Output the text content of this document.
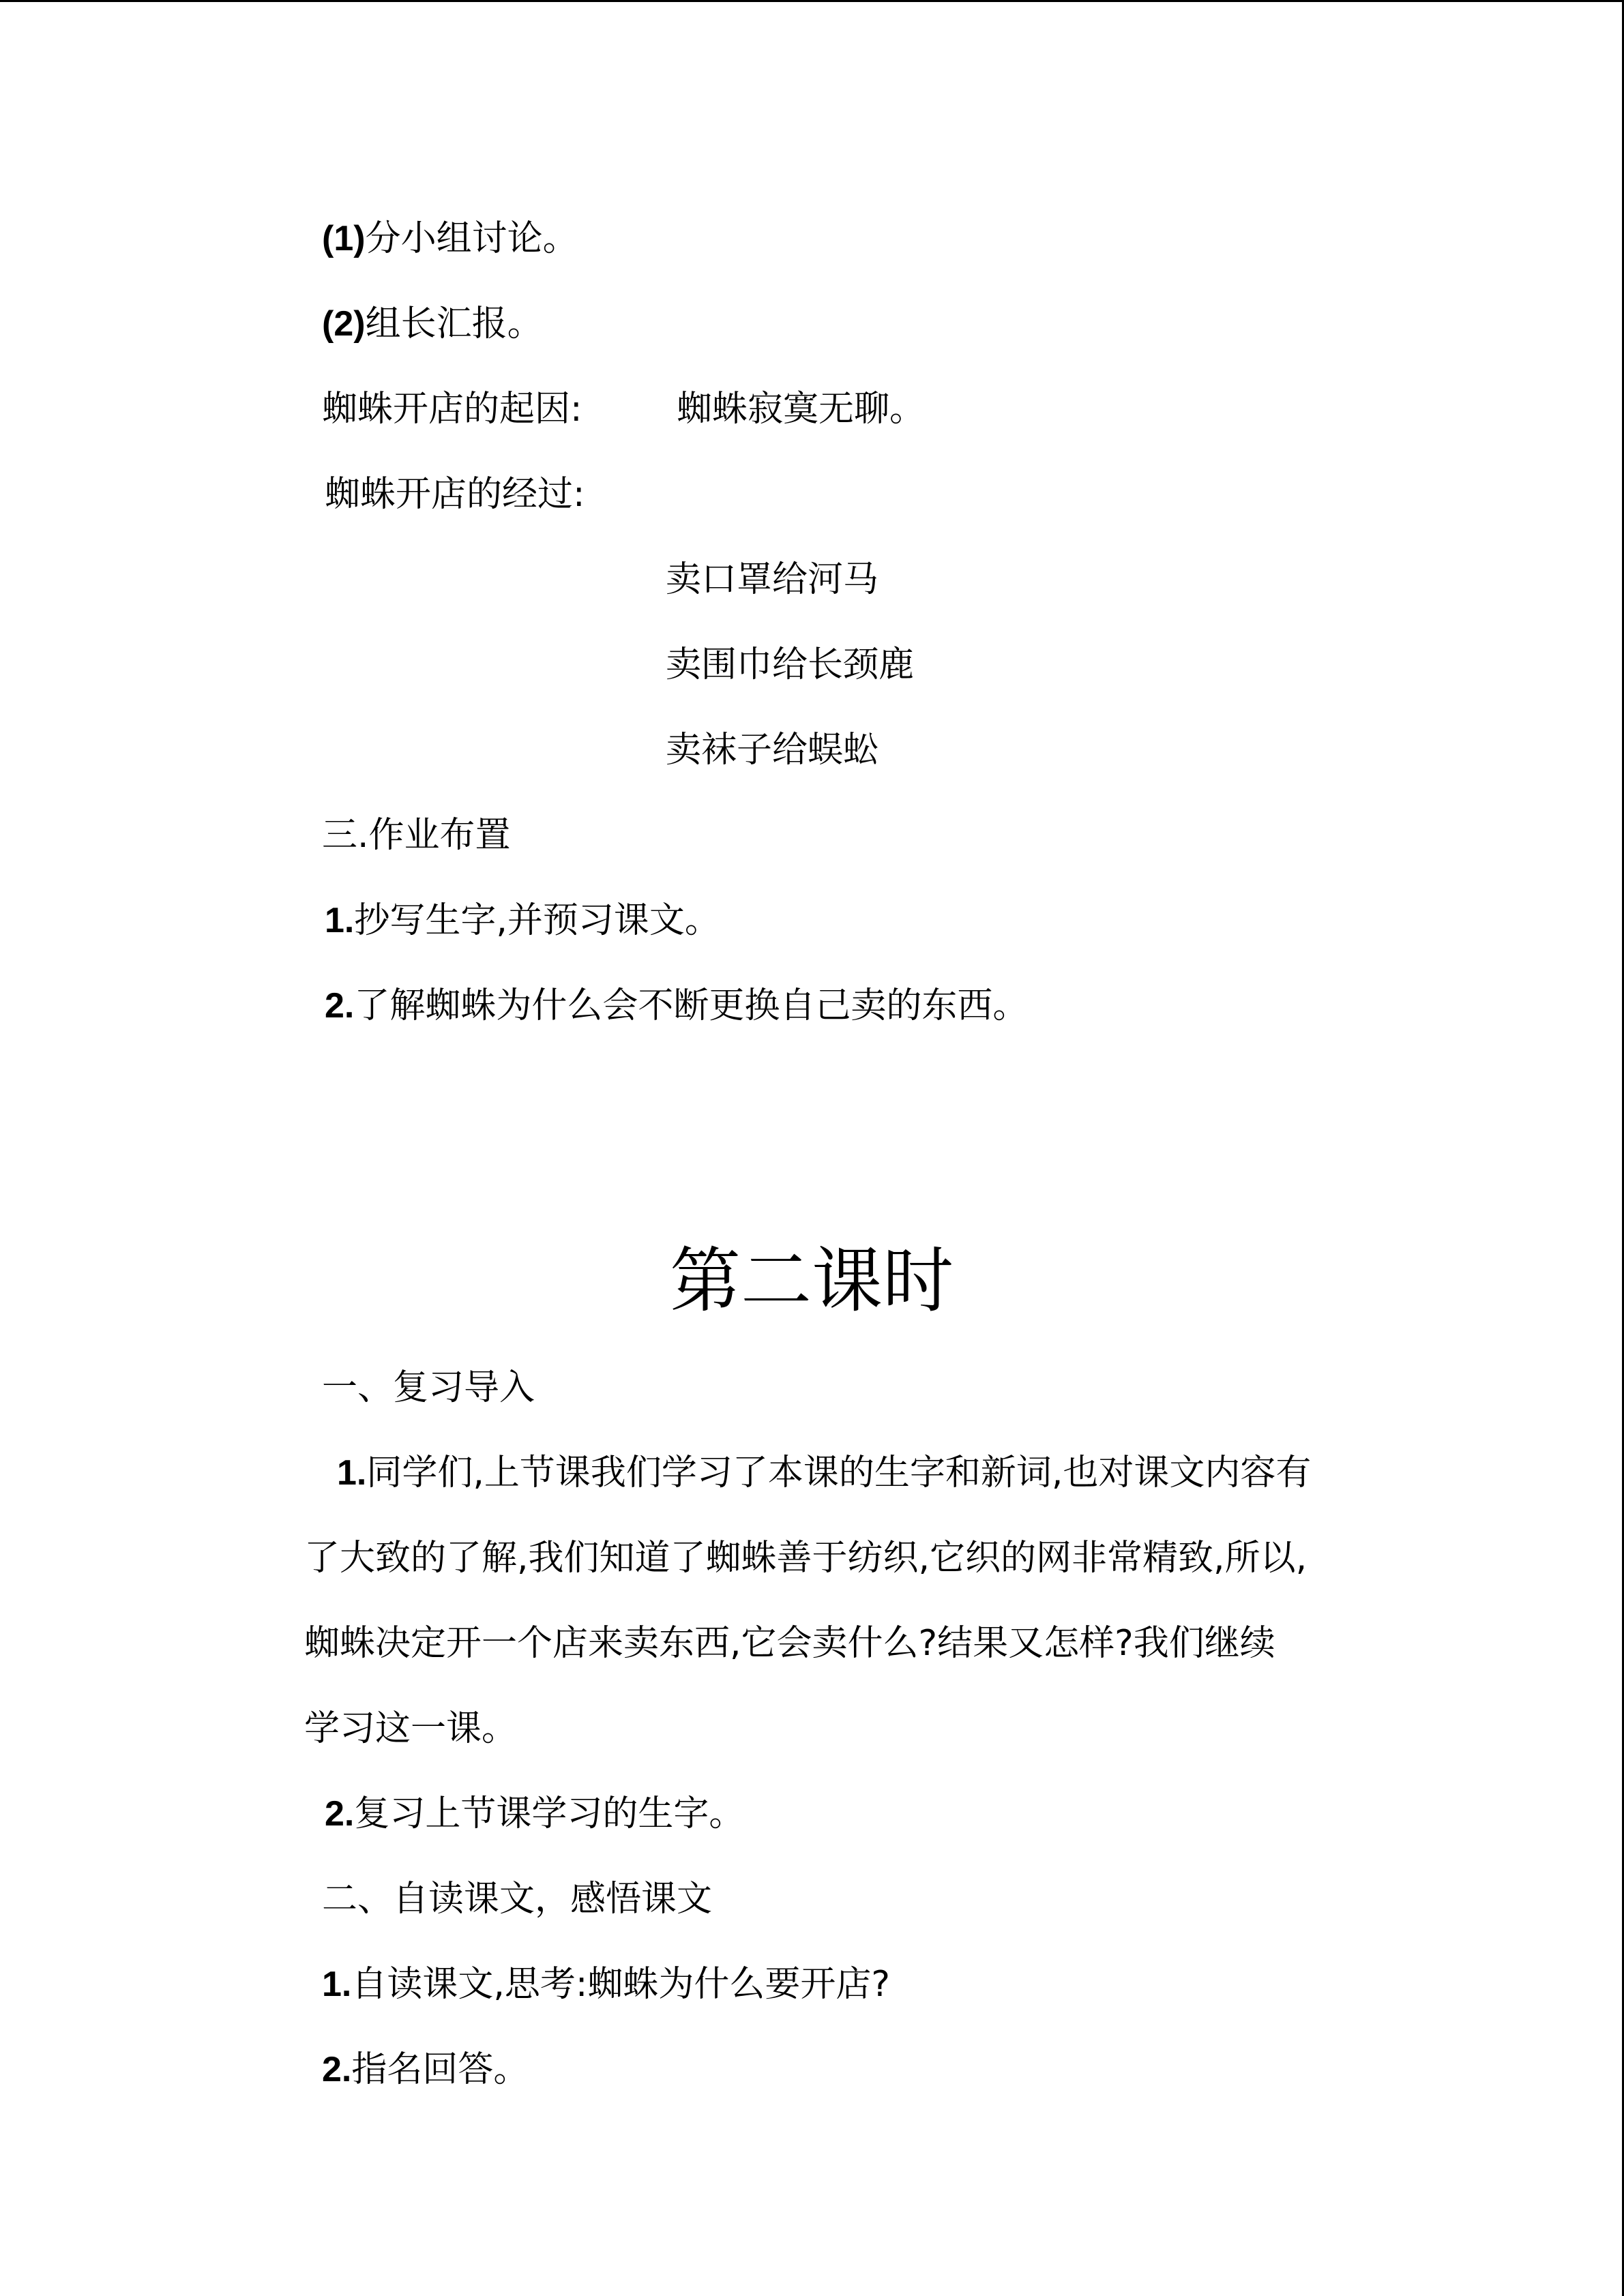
(1)分小组讨论。
(2)组长汇报。
蜘蛛开店的起因:	蜘蛛寂寞无聊。
蜘蛛开店的经过:
卖口罩给河马
卖围巾给长颈鹿
卖袜子给蜈蚣
三.作业布置
1.抄写生字,并预习课文。
2.了解蜘蛛为什么会不断更换自己卖的东西。
第二课时
一、复习导入
1.同学们,上节课我们学习了本课的生字和新词,也对课文内容有
了大致的了解,我们知道了蜘蛛善于纺织,它织的网非常精致,所以,
蜘蛛决定开一个店来卖东西,它会卖什么?结果又怎样?我们继续
学习这一课。
2.复习上节课学习的生字。
二、自读课文，感悟课文
1.自读课文,思考:蜘蛛为什么要开店?
2.指名回答。
